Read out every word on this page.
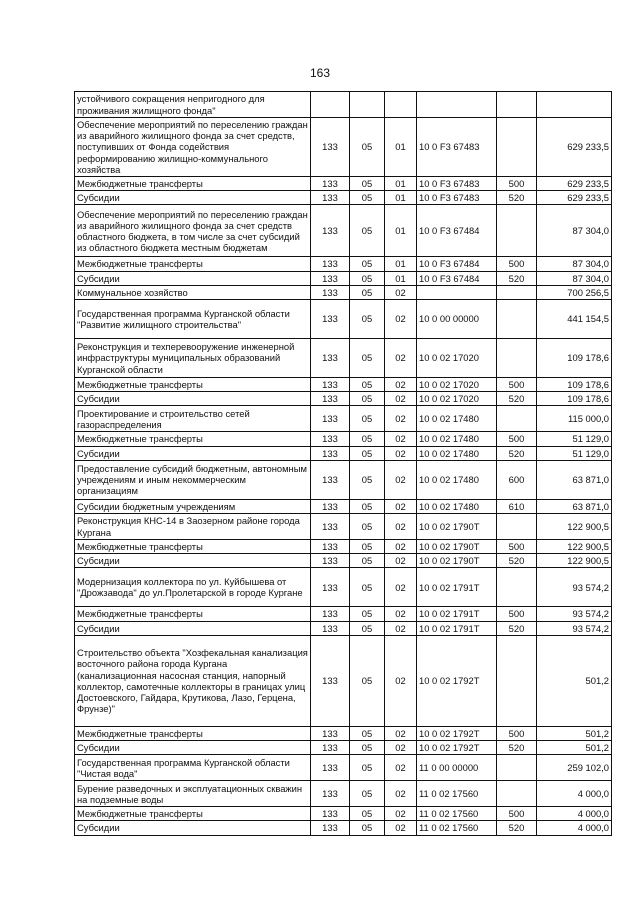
163
устойчивого сокращения непригодного для проживания жилищного фонда"						
Обеспечение мероприятий по переселению граждан из аварийного жилищного фонда за счет средств, поступивших от Фонда содействия реформированию жилищно-коммунального хозяйства	133	05	01	10 0 F3 67483		629 233,5
Межбюджетные трансферты	133	05	01	10 0 F3 67483	500	629 233,5
Субсидии	133	05	01	10 0 F3 67483	520	629 233,5
Обеспечение мероприятий по переселению граждан из аварийного жилищного фонда за счет средств областного бюджета, в том числе за счет субсидий из областного бюджета местным бюджетам	133	05	01	10 0 F3 67484		87 304,0
Межбюджетные трансферты	133	05	01	10 0 F3 67484	500	87 304,0
Субсидии	133	05	01	10 0 F3 67484	520	87 304,0
Коммунальное хозяйство	133	05	02			700 256,5
Государственная программа Курганской области "Развитие жилищного строительства"	133	05	02	10 0 00 00000		441 154,5
Реконструкция и техперевооружение инженерной инфраструктуры муниципальных образований Курганской области	133	05	02	10 0 02 17020		109 178,6
Межбюджетные трансферты	133	05	02	10 0 02 17020	500	109 178,6
Субсидии	133	05	02	10 0 02 17020	520	109 178,6
Проектирование и строительство сетей газораспределения	133	05	02	10 0 02 17480		115 000,0
Межбюджетные трансферты	133	05	02	10 0 02 17480	500	51 129,0
Субсидии	133	05	02	10 0 02 17480	520	51 129,0
Предоставление субсидий бюджетным, автономным учреждениям и иным некоммерческим организациям	133	05	02	10 0 02 17480	600	63 871,0
Субсидии бюджетным учреждениям	133	05	02	10 0 02 17480	610	63 871,0
Реконструкция КНС-14 в Заозерном районе города Кургана	133	05	02	10 0 02 1790Т		122 900,5
Межбюджетные трансферты	133	05	02	10 0 02 1790Т	500	122 900,5
Субсидии	133	05	02	10 0 02 1790Т	520	122 900,5
Модернизация коллектора по ул. Куйбышева от "Дрожзавода" до ул.Пролетарской в городе Кургане	133	05	02	10 0 02 1791Т		93 574,2
Межбюджетные трансферты	133	05	02	10 0 02 1791Т	500	93 574,2
Субсидии	133	05	02	10 0 02 1791Т	520	93 574,2
Строительство объекта "Хозфекальная канализация восточного района города Кургана (канализационная насосная станция, напорный коллектор, самотечные коллекторы в границах улиц Достоевского, Гайдара, Крутикова, Лазо, Герцена, Фрунзе)"	133	05	02	10 0 02 1792Т		501,2
Межбюджетные трансферты	133	05	02	10 0 02 1792Т	500	501,2
Субсидии	133	05	02	10 0 02 1792Т	520	501,2
Государственная программа Курганской области "Чистая вода"	133	05	02	11 0 00 00000		259 102,0
Бурение разведочных и эксплуатационных скважин на подземные воды	133	05	02	11 0 02 17560		4 000,0
Межбюджетные трансферты	133	05	02	11 0 02 17560	500	4 000,0
Субсидии	133	05	02	11 0 02 17560	520	4 000,0
